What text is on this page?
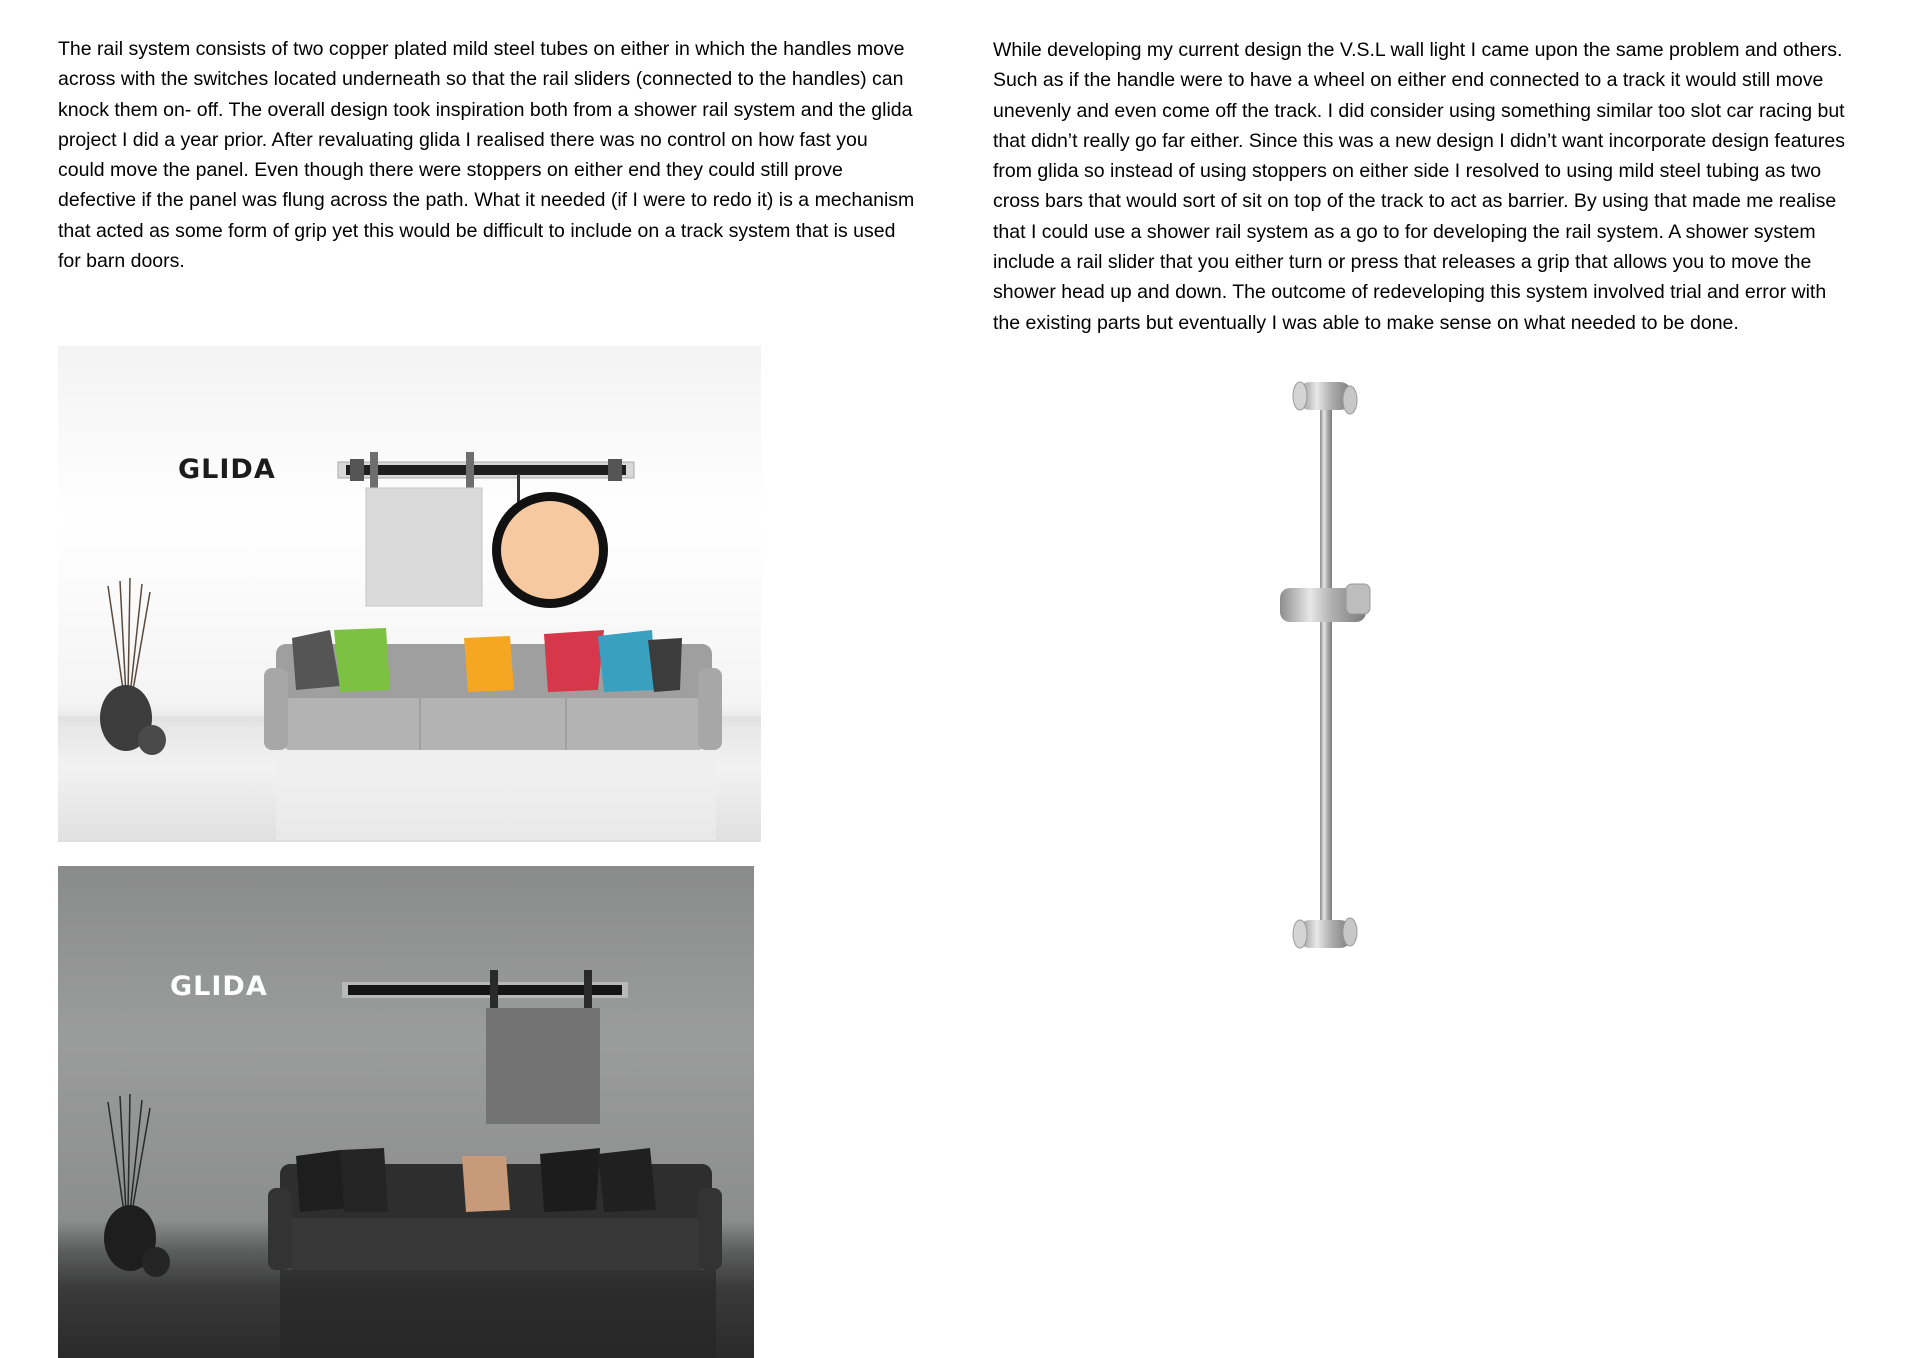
The rail system consists of two copper plated mild steel tubes on either in which the handles move
across with the switches located underneath so that the rail sliders (connected to the handles) can
knock them on- off. The overall design took inspiration both from a shower rail system and the glida
project I did a year prior. After revaluating glida I realised there was no control on how fast you
could move the panel. Even though there were stoppers on either end they could still prove
defective if the panel was flung across the path. What it needed (if I were to redo it) is a mechanism
that acted as some form of grip yet this would be difficult to include on a track system that is used
for barn doors.
While developing my current design the V.S.L wall light I came upon the same problem and others.
Such as if the handle were to have a wheel on either end connected to a track it would still move
unevenly and even come off the track. I did consider using something similar too slot car racing but
that didn’t really go far either. Since this was a new design I didn’t want incorporate design features
from glida so instead of using stoppers on either side I resolved to using mild steel tubing as two
cross bars that would sort of sit on top of the track to act as barrier. By using that made me realise
that I could use a shower rail system as a go to for developing the rail system. A shower system
include a rail slider that you either turn or press that releases a grip that allows you to move the
shower head up and down. The outcome of redeveloping this system involved trial and error with
the existing parts but eventually I was able to make sense on what needed to be done.
GLIDA
GLIDA
